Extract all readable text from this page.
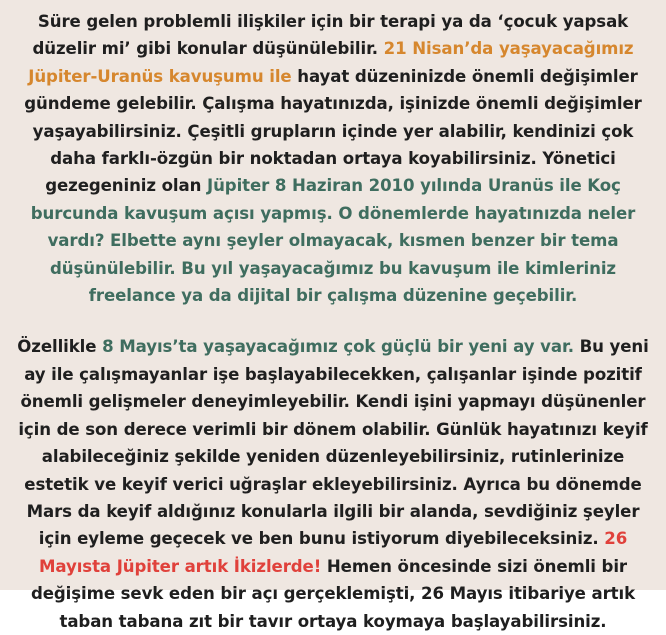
Süre gelen problemli ilişkiler için bir terapi ya da ‘çocuk yapsak düzelir mi’ gibi konular düşünülebilir. 21 Nisan’da yaşayacağımız Jüpiter-Uranüs kavuşumu ile hayat düzeninizde önemli değişimler gündeme gelebilir. Çalışma hayatınızda, işinizde önemli değişimler yaşayabilirsiniz. Çeşitli grupların içinde yer alabilir, kendinizi çok daha farklı-özgün bir noktadan ortaya koyabilirsiniz. Yönetici gezegeniniz olan Jüpiter 8 Haziran 2010 yılında Uranüs ile Koç burcunda kavuşum açısı yapmış. O dönemlerde hayatınızda neler vardı? Elbette aynı şeyler olmayacak, kısmen benzer bir tema düşünülebilir. Bu yıl yaşayacağımız bu kavuşum ile kimleriniz freelance ya da dijital bir çalışma düzenine geçebilir.

Özellikle 8 Mayıs’ta yaşayacağımız çok güçlü bir yeni ay var. Bu yeni ay ile çalışmayanlar işe başlayabilecekken, çalışanlar işinde pozitif önemli gelişmeler deneyimleyebilir. Kendi işini yapmayı düşünenler için de son derece verimli bir dönem olabilir. Günlük hayatınızı keyif alabileceğiniz şekilde yeniden düzenleyebilirsiniz, rutinlerinize estetik ve keyif verici uğraşlar ekleyebilirsiniz. Ayrıca bu dönemde Mars da keyif aldığınız konularla ilgili bir alanda, sevdiğiniz şeyler için eyleme geçecek ve ben bunu istiyorum diyebileceksiniz. 26 Mayısta Jüpiter artık İkizlerde! Hemen öncesinde sizi önemli bir değişime sevk eden bir açı gerçeklemişti, 26 Mayıs itibariye artık taban tabana zıt bir tavır ortaya koymaya başlayabilirsiniz.
